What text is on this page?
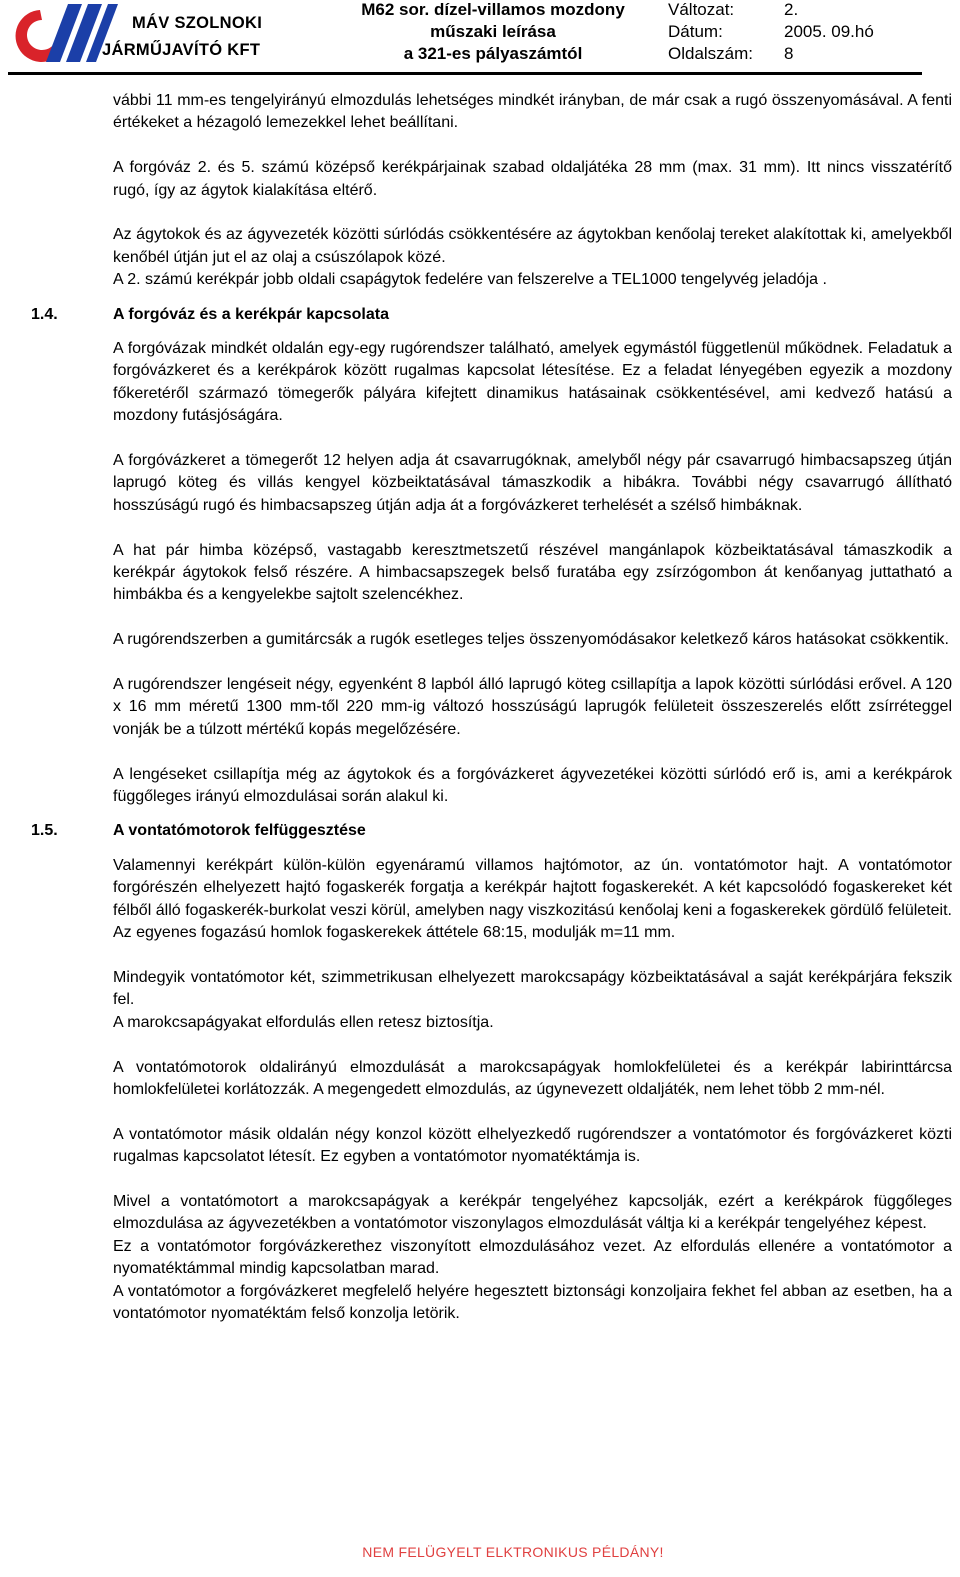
MÁV SZOLNOKI
JÁRMŰJAVÍTÓ KFT
M62 sor. dízel-villamos mozdony
műszaki leírása
a 321-es pályaszámtól
Változat:	2.
Dátum:	2005. 09.hó
Oldalszám:	8

vábbi 11 mm-es tengelyirányú elmozdulás lehetséges mindkét irányban, de már csak a rugó összenyomásával. A fenti értékeket a hézagoló lemezekkel lehet beállítani.

A forgóváz 2. és 5. számú középső kerékpárjainak szabad oldaljátéka 28 mm (max. 31 mm). Itt nincs visszatérítő rugó, így az ágytok kialakítása eltérő.

Az ágytokok és az ágyvezeték közötti súrlódás csökkentésére az ágytokban kenőolaj tereket alakítottak ki, amelyekből kenőbél útján jut el az olaj a csúszólapok közé.

A 2. számú kerékpár jobb oldali csapágytok fedelére van felszerelve a TEL1000 tengelyvég jeladója .

1.4.	A forgóváz és a kerékpár kapcsolata

A forgóvázak mindkét oldalán egy-egy rugórendszer található, amelyek egymástól függetlenül működnek. Feladatuk a forgóvázkeret és a kerékpárok között rugalmas kapcsolat létesítése. Ez a feladat lényegében egyezik a mozdony főkeretéről származó tömegerők pályára kifejtett dinamikus hatásainak csökkentésével, ami kedvező hatású a mozdony futásjóságára.

A forgóvázkeret a tömegerőt 12 helyen adja át csavarrugóknak, amelyből négy pár csavarrugó himbacsapszeg útján laprugó köteg és villás kengyel közbeiktatásával támaszkodik a hibákra. További négy csavarrugó állítható hosszúságú rugó és himbacsapszeg útján adja át a forgóvázkeret terhelését a szélső himbáknak.

A hat pár himba középső, vastagabb keresztmetszetű részével mangánlapok közbeiktatásával támaszkodik a kerékpár ágytokok felső részére. A himbacsapszegek belső furatába egy zsírzógombon át kenőanyag juttatható a himbákba és a kengyelekbe sajtolt szelencékhez.

A rugórendszerben a gumitárcsák a rugók esetleges teljes összenyomódásakor keletkező káros hatásokat csökkentik.

A rugórendszer lengéseit négy, egyenként 8 lapból álló laprugó köteg csillapítja a lapok közötti súrlódási erővel. A 120 x 16 mm méretű 1300 mm-től 220 mm-ig változó hosszúságú laprugók felületeit összeszerelés előtt zsírréteggel vonják be a túlzott mértékű kopás megelőzésére.

A lengéseket csillapítja még az ágytokok és a forgóvázkeret ágyvezetékei közötti súrlódó erő is, ami a kerékpárok függőleges irányú elmozdulásai során alakul ki.

1.5.	A vontatómotorok felfüggesztése

Valamennyi kerékpárt külön-külön egyenáramú villamos hajtómotor, az ún. vontatómotor hajt. A vontatómotor forgórészén elhelyezett hajtó fogaskerék forgatja a kerékpár hajtott fogaskerekét. A két kapcsolódó fogaskereket két félből álló fogaskerék-burkolat veszi körül, amelyben nagy viszkozitású kenőolaj keni a fogaskerekek gördülő felületeit. Az egyenes fogazású homlok fogaskerekek áttétele 68:15, modulják m=11 mm.

Mindegyik vontatómotor két, szimmetrikusan elhelyezett marokcsapágy közbeiktatásával a saját kerékpárjára fekszik fel.

A marokcsapágyakat elfordulás ellen retesz biztosítja.

A vontatómotorok oldalirányú elmozdulását a marokcsapágyak homlokfelületei és a kerékpár labirinttárcsa homlokfelületei korlátozzák. A megengedett elmozdulás, az úgynevezett oldaljáték, nem lehet több 2 mm-nél.

A vontatómotor másik oldalán négy konzol között elhelyezkedő rugórendszer a vontatómotor és forgóvázkeret közti rugalmas kapcsolatot létesít. Ez egyben a vontatómotor nyomatéktámja is.

Mivel a vontatómotort a marokcsapágyak a kerékpár tengelyéhez kapcsolják, ezért a kerékpárok függőleges elmozdulása az ágyvezetékben a vontatómotor viszonylagos elmozdulását váltja ki a kerékpár tengelyéhez képest.

Ez a vontatómotor forgóvázkerethez viszonyított elmozdulásához vezet. Az elfordulás ellenére a vontatómotor a nyomatéktámmal mindig kapcsolatban marad.

A vontatómotor a forgóvázkeret megfelelő helyére hegesztett biztonsági konzoljaira fekhet fel abban az esetben, ha a vontatómotor nyomatéktám felső konzolja letörik.

NEM FELÜGYELT ELKTRONIKUS PÉLDÁNY!
